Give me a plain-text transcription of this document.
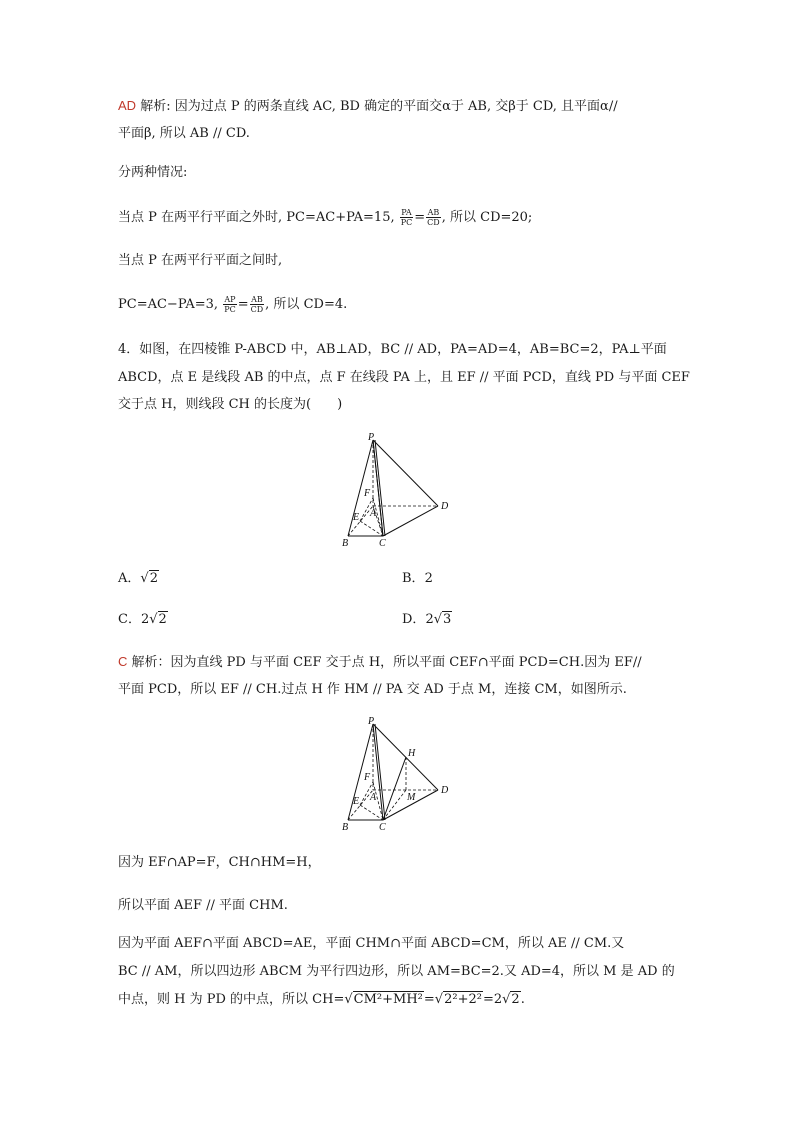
AD 解析: 因为过点 P 的两条直线 AC, BD 确定的平面交α于 AB, 交β于 CD, 且平面α//
平面β, 所以 AB // CD.
分两种情况:
当点 P 在两平行平面之外时, PC=AC+PA=15, $\frac{PA}{PC} = \frac{AB}{CD}$ , 所以 CD=20;
当点 P 在两平行平面之间时,
PC=AC−PA=3, $\frac{AP}{PC} = \frac{AB}{CD}$ , 所以 CD=4.
4．如图，在四棱锥 P-ABCD 中，AB⊥AD，BC // AD，PA=AD=4，AB=BC=2，PA⊥平面
ABCD，点 E 是线段 AB 的中点，点 F 在线段 PA 上，且 EF // 平面 PCD，直线 PD 与平面 CEF
交于点 H，则线段 CH 的长度为(　　)
P
F
A
E
B	C
D
A．√2	B．2
C．2√2	D．2√3
C 解析：因为直线 PD 与平面 CEF 交于点 H，所以平面 CEF∩平面 PCD=CH.因为 EF//
平面 PCD，所以 EF // CH.过点 H 作 HM // PA 交 AD 于点 M，连接 CM，如图所示.
P
H
F
A	M
E
B	C
D
因为 EF∩AP=F，CH∩HM=H，
所以平面 AEF // 平面 CHM.
因为平面 AEF∩平面 ABCD=AE，平面 CHM∩平面 ABCD=CM，所以 AE // CM.又
BC // AM，所以四边形 ABCM 为平行四边形，所以 AM=BC=2.又 AD=4，所以 M 是 AD 的
中点，则 H 为 PD 的中点，所以 CH=√CM²+MH²=√2²+2²=2√2.
